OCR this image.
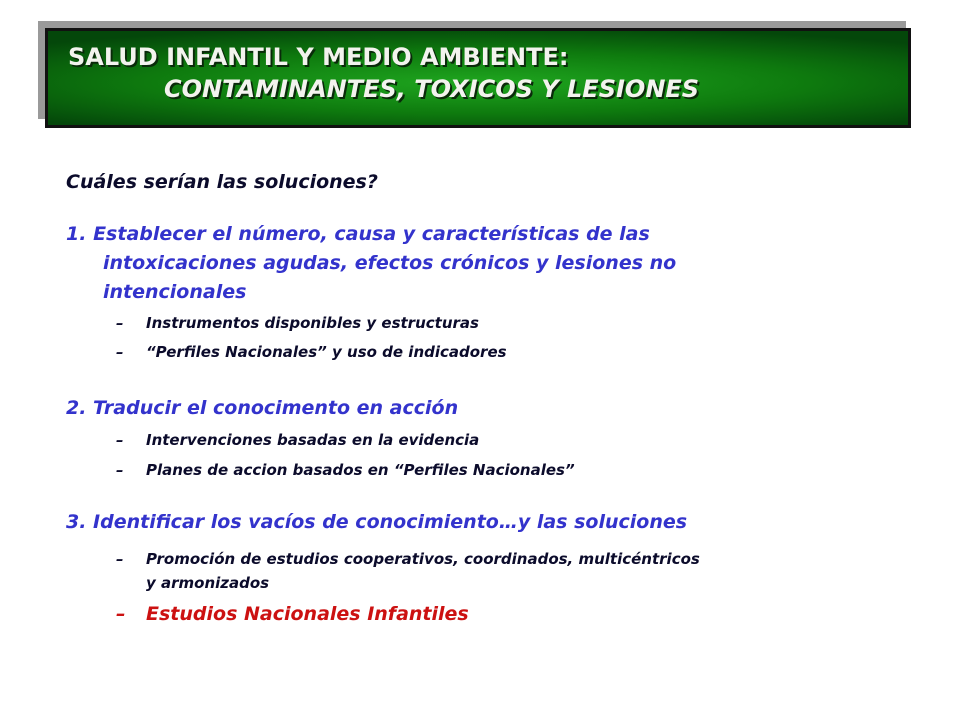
SALUD INFANTIL Y MEDIO AMBIENTE:

CONTAMINANTES, TOXICOS Y LESIONES

Cuáles serían las soluciones?

1. Establecer el número, causa y características de las
intoxicaciones agudas, efectos crónicos y lesiones no
intencionales

– Instrumentos disponibles y estructuras

– “Perfiles Nacionales” y uso de indicadores

2. Traducir el conocimento en acción

– Intervenciones basadas en la evidencia

– Planes de accion basados en “Perfiles Nacionales”

3. Identificar los vacíos de conocimiento…y las soluciones

– Promoción de estudios cooperativos, coordinados, multicéntricos
y armonizados

– Estudios Nacionales Infantiles
